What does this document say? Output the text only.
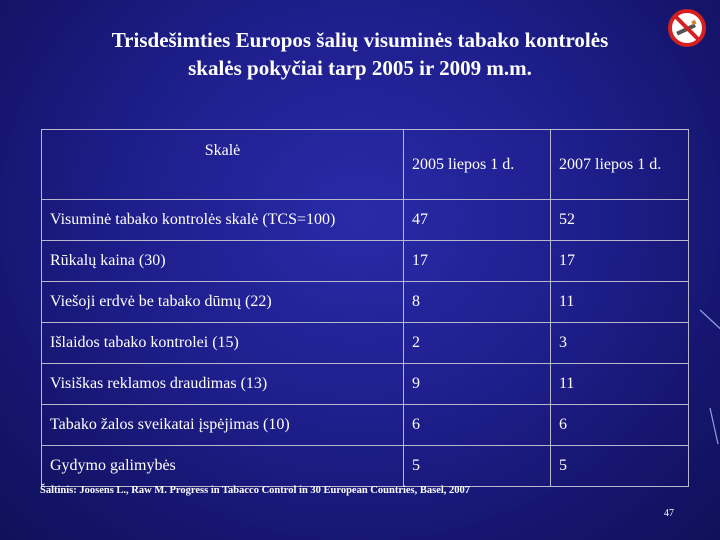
Trisdešimties Europos šalių visuminės tabako kontrolės
skalės pokyčiai tarp 2005 ir 2009 m.m.
Skalė	2005 liepos 1 d.	2007 liepos 1 d.
Visuminė tabako kontrolės skalė (TCS=100)	47	52
Rūkalų kaina (30)	17	17
Viešoji erdvė be tabako dūmų (22)	8	11
Išlaidos tabako kontrolei (15)	2	3
Visiškas reklamos draudimas (13)	9	11
Tabako žalos sveikatai įspėjimas (10)	6	6
Gydymo galimybės	5	5
Šaltinis: Joosens L., Raw M. Progress in Tabacco Control in 30 European Countries, Basel, 2007
47
